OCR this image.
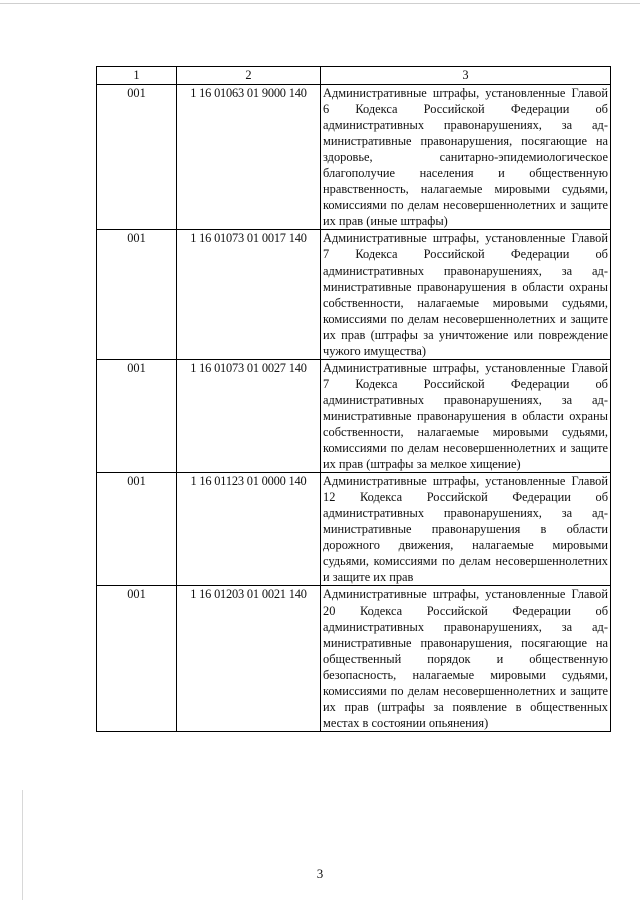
1	2	3
001	1 16 01063 01 9000 140	Административные штрафы, установленные Главой 6 Кодекса Российской Федерации об административных правонарушениях, за административные правонарушения, посягающие на здоровье, санитарно-эпидемиологическое благополучие населения и общественную нравственность, налагаемые мировыми судьями, комиссиями по делам несовершеннолетних и защите их прав (иные штрафы)
001	1 16 01073 01 0017 140	Административные штрафы, установленные Главой 7 Кодекса Российской Федерации об административных правонарушениях, за административные правонарушения в области охраны собственности, налагаемые мировыми судьями, комиссиями по делам несовершеннолетних и защите их прав (штрафы за уничтожение или повреждение чужого имущества)
001	1 16 01073 01 0027 140	Административные штрафы, установленные Главой 7 Кодекса Российской Федерации об административных правонарушениях, за административные правонарушения в области охраны собственности, налагаемые мировыми судьями, комиссиями по делам несовершеннолетних и защите их прав (штрафы за мелкое хищение)
001	1 16 01123 01 0000 140	Административные штрафы, установленные Главой 12 Кодекса Российской Федерации об административных правонарушениях, за административные правонарушения в области дорожного движения, налагаемые мировыми судьями, комиссиями по делам несовершеннолетних и защите их прав
001	1 16 01203 01 0021 140	Административные штрафы, установленные Главой 20 Кодекса Российской Федерации об административных правонарушениях, за административные правонарушения, посягающие на общественный порядок и общественную безопасность, налагаемые мировыми судьями, комиссиями по делам несовершеннолетних и защите их прав (штрафы за появление в общественных местах в состоянии опьянения)
3
